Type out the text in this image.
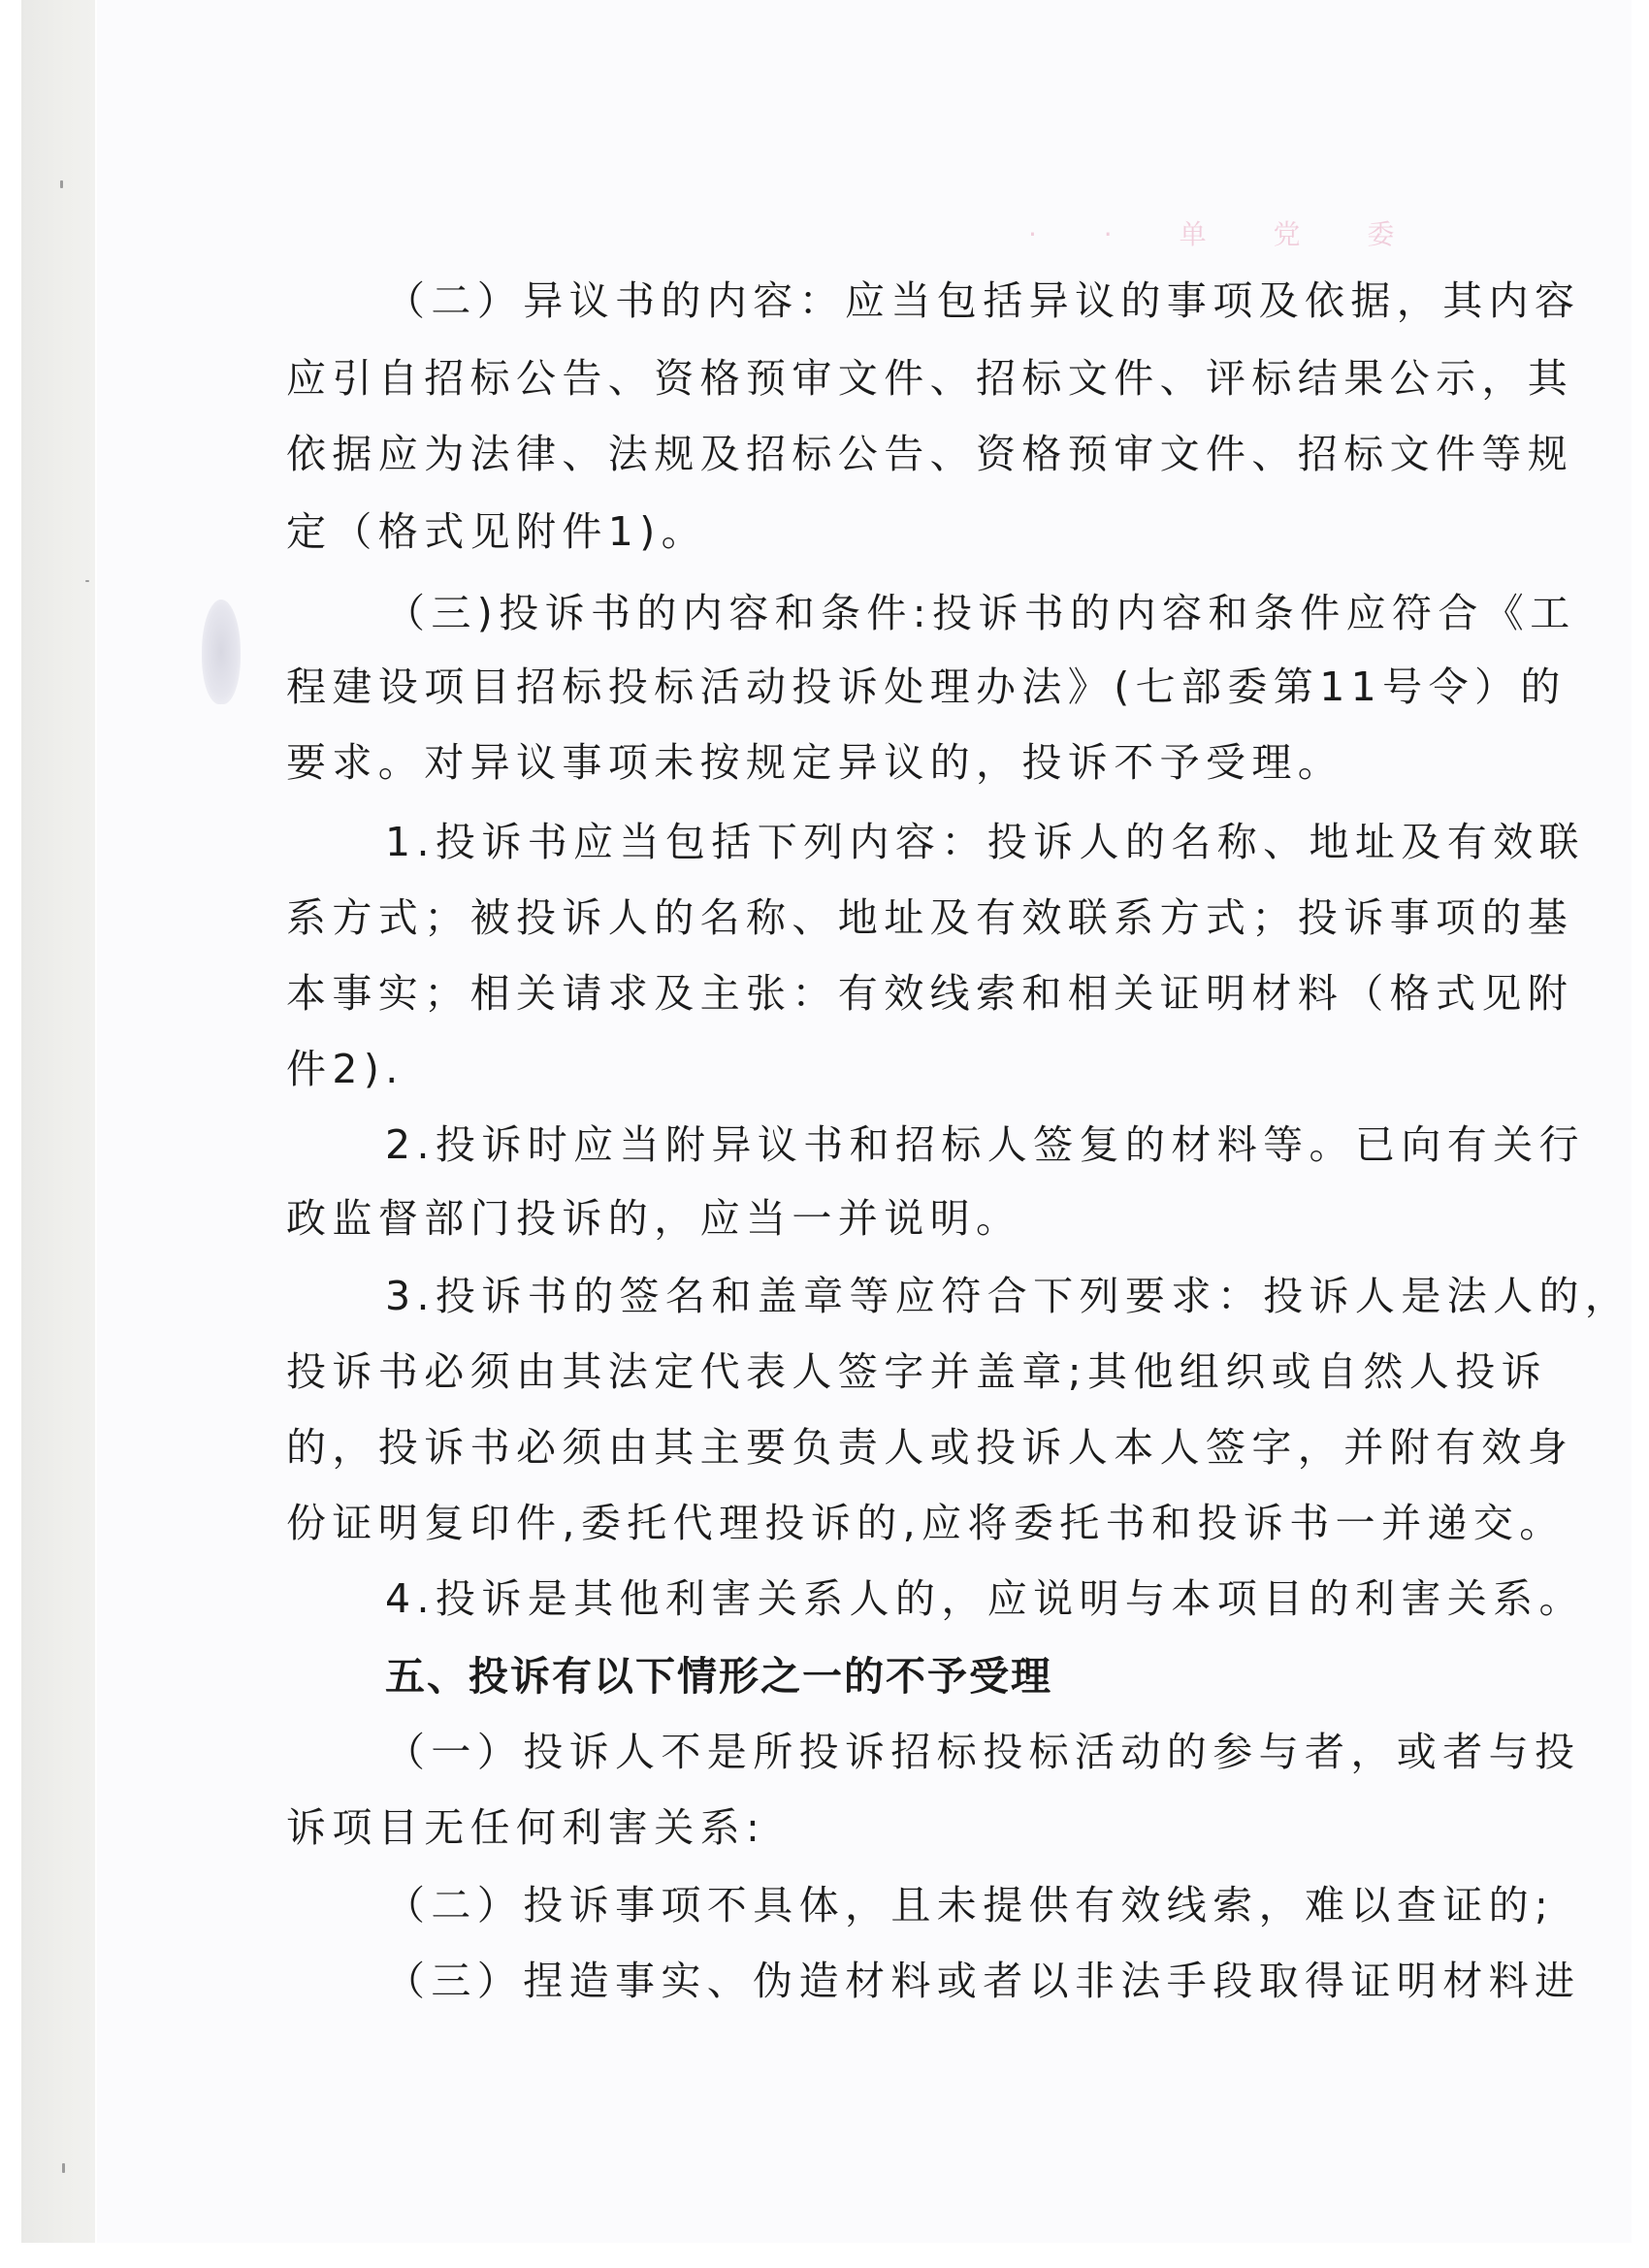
· · 单 党 委
（二）异议书的内容：应当包括异议的事项及依据，其内容
应引自招标公告、资格预审文件、招标文件、评标结果公示，其
依据应为法律、法规及招标公告、资格预审文件、招标文件等规
定（格式见附件1)。
（三)投诉书的内容和条件:投诉书的内容和条件应符合《工
程建设项目招标投标活动投诉处理办法》(七部委第11号令）的
要求。对异议事项未按规定异议的，投诉不予受理。
1.投诉书应当包括下列内容：投诉人的名称、地址及有效联
系方式；被投诉人的名称、地址及有效联系方式；投诉事项的基
本事实；相关请求及主张：有效线索和相关证明材料（格式见附
件2).
2.投诉时应当附异议书和招标人签复的材料等。已向有关行
政监督部门投诉的，应当一并说明。
3.投诉书的签名和盖章等应符合下列要求：投诉人是法人的，
投诉书必须由其法定代表人签字并盖章;其他组织或自然人投诉
的，投诉书必须由其主要负责人或投诉人本人签字，并附有效身
份证明复印件,委托代理投诉的,应将委托书和投诉书一并递交。
4.投诉是其他利害关系人的，应说明与本项目的利害关系。
五、投诉有以下情形之一的不予受理
（一）投诉人不是所投诉招标投标活动的参与者，或者与投
诉项目无任何利害关系:
（二）投诉事项不具体，且未提供有效线索，难以查证的;
（三）捏造事实、伪造材料或者以非法手段取得证明材料进
